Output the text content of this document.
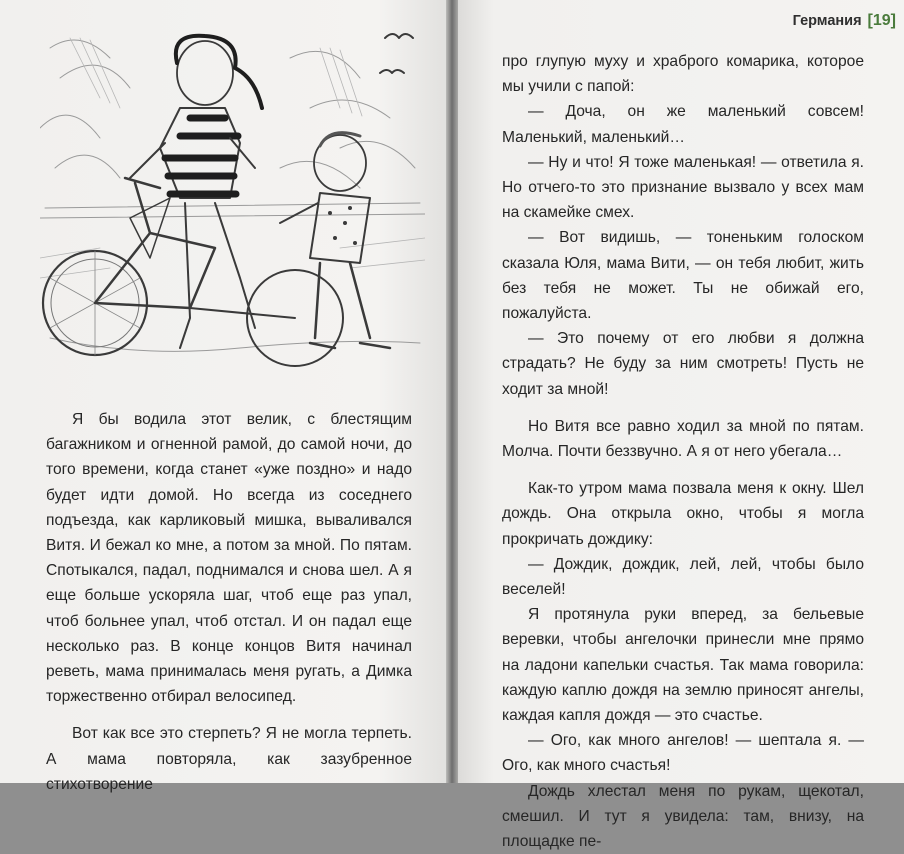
Я бы водила этот велик, с блестящим багажником и огненной рамой, до самой ночи, до того времени, когда станет «уже поздно» и надо будет идти домой. Но всегда из соседнего подъезда, как карликовый мишка, вываливался Витя. И бежал ко мне, а потом за мной. По пятам. Спотыкался, падал, поднимался и снова шел. А я еще больше ускоряла шаг, чтоб еще раз упал, чтоб больнее упал, чтоб отстал. И он падал еще несколько раз. В конце концов Витя начинал реветь, мама принималась меня ругать, а Димка торжественно отбирал велосипед.

Вот как все это стерпеть? Я не могла терпеть. А мама повторяла, как зазубренное стихотворение

Германия [19]

про глупую муху и храброго комарика, которое мы учили с папой:

— Доча, он же маленький совсем! Маленький, маленький…

— Ну и что! Я тоже маленькая! — ответила я. Но отчего-то это признание вызвало у всех мам на скамейке смех.

— Вот видишь, — тоненьким голоском сказала Юля, мама Вити, — он тебя любит, жить без тебя не может. Ты не обижай его, пожалуйста.

— Это почему от его любви я должна страдать? Не буду за ним смотреть! Пусть не ходит за мной!

Но Витя все равно ходил за мной по пятам. Молча. Почти беззвучно. А я от него убегала…

Как-то утром мама позвала меня к окну. Шел дождь. Она открыла окно, чтобы я могла прокричать дождику:

— Дождик, дождик, лей, лей, чтобы было веселей!

Я протянула руки вперед, за бельевые веревки, чтобы ангелочки принесли мне прямо на ладони капельки счастья. Так мама говорила: каждую каплю дождя на землю приносят ангелы, каждая капля дождя — это счастье.

— Ого, как много ангелов! — шептала я. — Ого, как много счастья!

Дождь хлестал меня по рукам, щекотал, смешил. И тут я увидела: там, внизу, на площадке пе-
